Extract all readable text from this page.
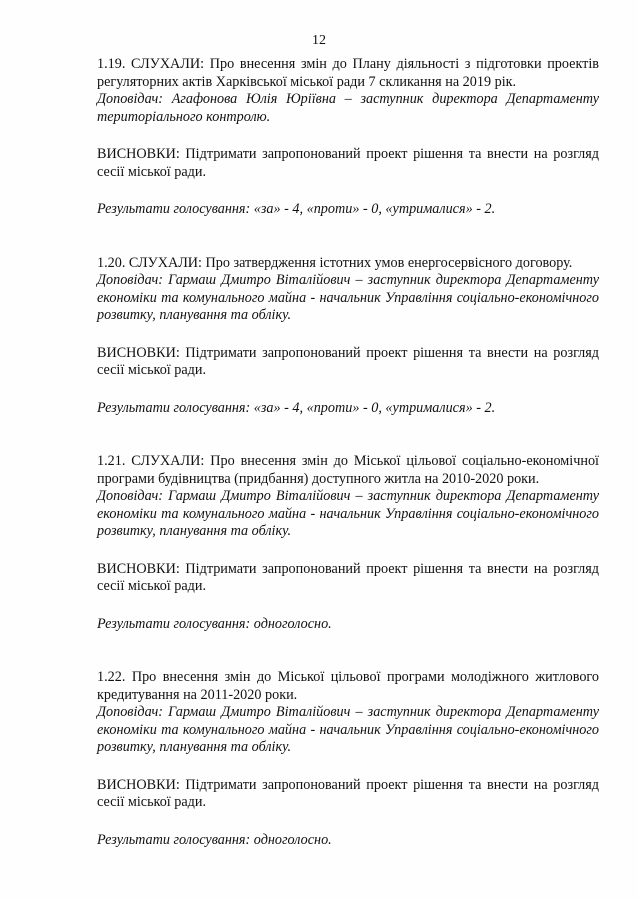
12

1.19. СЛУХАЛИ: Про внесення змін до Плану діяльності з підготовки проектів регуляторних актів Харківської міської ради 7 скликання на 2019 рік.

Доповідач: Агафонова Юлія Юріївна – заступник директора Департаменту територіального контролю.

ВИСНОВКИ: Підтримати запропонований проект рішення та внести на розгляд сесії міської ради.

Результати голосування: «за» - 4, «проти» - 0, «утрималися» - 2.

1.20. СЛУХАЛИ: Про затвердження істотних умов енергосервісного договору.

Доповідач: Гармаш Дмитро Віталійович – заступник директора Департаменту економіки та комунального майна - начальник Управління соціально-економічного розвитку, планування та обліку.

ВИСНОВКИ: Підтримати запропонований проект рішення та внести на розгляд сесії міської ради.

Результати голосування: «за» - 4, «проти» - 0, «утрималися» - 2.

1.21. СЛУХАЛИ: Про внесення змін до Міської цільової соціально-економічної програми будівництва (придбання) доступного житла на 2010-2020 роки.

Доповідач: Гармаш Дмитро Віталійович – заступник директора Департаменту економіки та комунального майна - начальник Управління соціально-економічного розвитку, планування та обліку.

ВИСНОВКИ: Підтримати запропонований проект рішення та внести на розгляд сесії міської ради.

Результати голосування: одноголосно.

1.22. Про внесення змін до Міської цільової програми молодіжного житлового кредитування на 2011-2020 роки.

Доповідач: Гармаш Дмитро Віталійович – заступник директора Департаменту економіки та комунального майна - начальник Управління соціально-економічного розвитку, планування та обліку.

ВИСНОВКИ: Підтримати запропонований проект рішення та внести на розгляд сесії міської ради.

Результати голосування: одноголосно.
